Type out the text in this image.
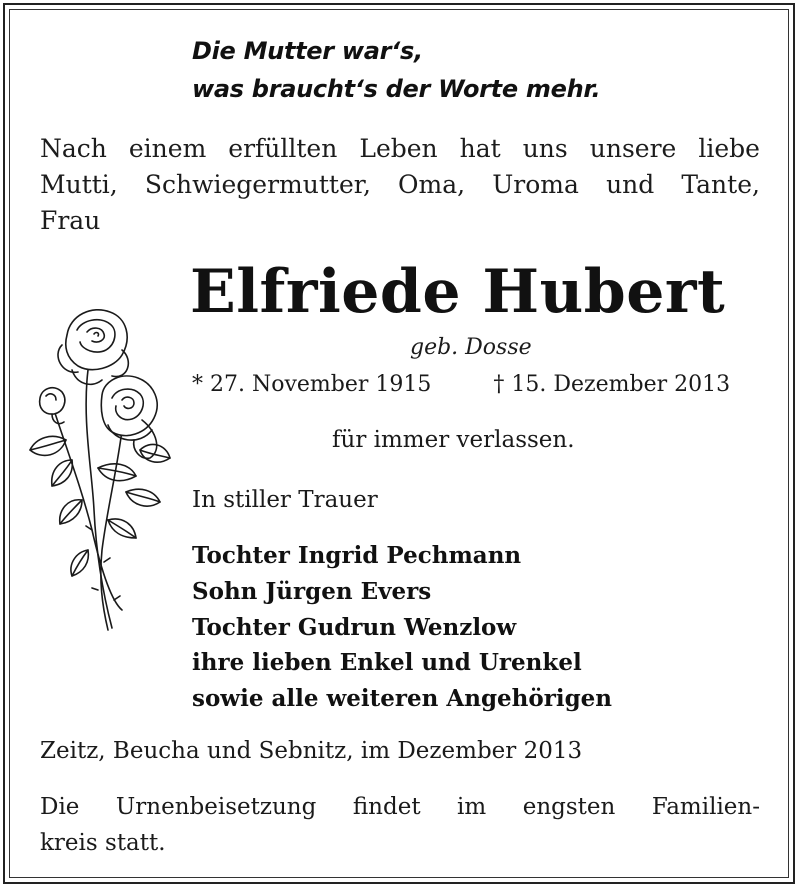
Die Mutter war‘s,
was braucht‘s der Worte mehr.
Nach einem erfüllten Leben hat uns unsere liebe
Mutti, Schwiegermutter, Oma, Uroma und Tante,
Frau
Elfriede Hubert
geb. Dosse
* 27. November 1915	† 15. Dezember 2013
für immer verlassen.
In stiller Trauer
Tochter Ingrid Pechmann
Sohn Jürgen Evers
Tochter Gudrun Wenzlow
ihre lieben Enkel und Urenkel
sowie alle weiteren Angehörigen
Zeitz, Beucha und Sebnitz, im Dezember 2013
Die Urnenbeisetzung findet im engsten Familien-
kreis statt.
